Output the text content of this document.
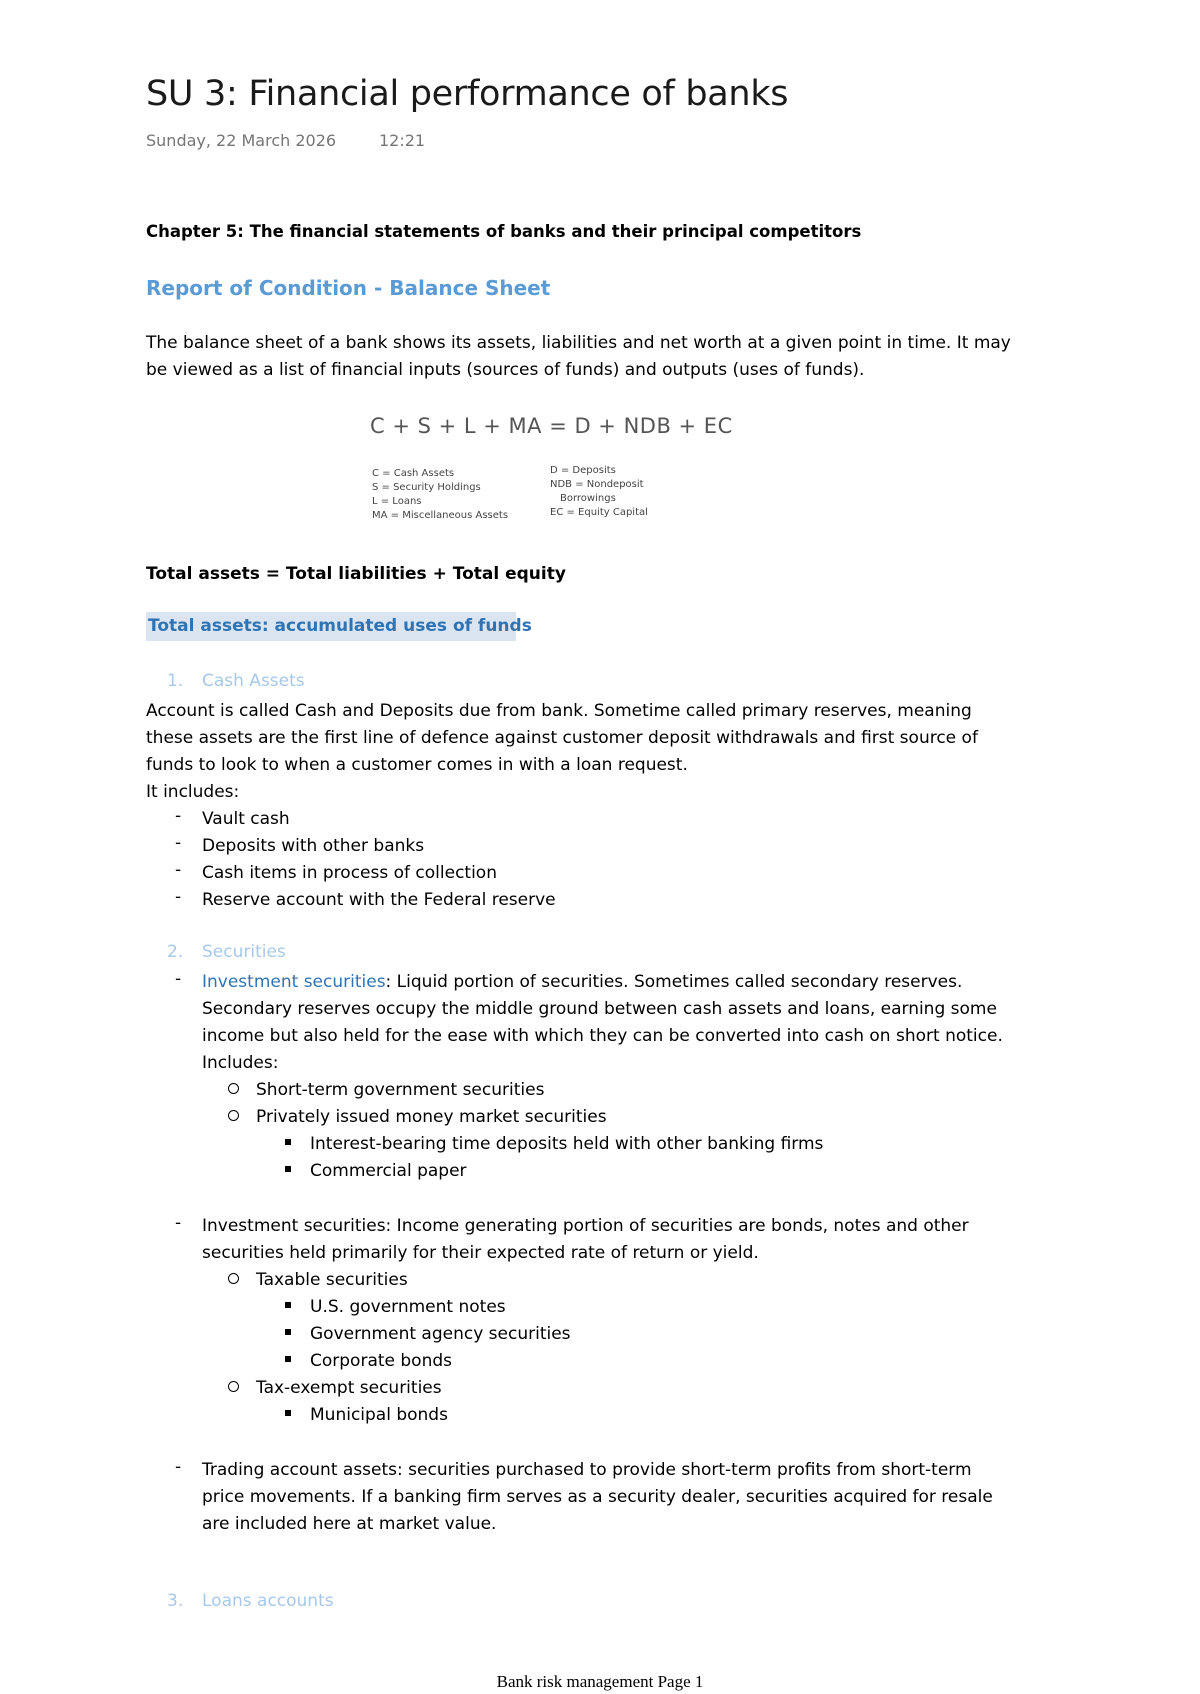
SU 3: Financial performance of banks
Sunday, 22 March 2026	12:21
Chapter 5: The financial statements of banks and their principal competitors
Report of Condition - Balance Sheet
The balance sheet of a bank shows its assets, liabilities and net worth at a given point in time. It may
be viewed as a list of financial inputs (sources of funds) and outputs (uses of funds).
C + S + L + MA = D + NDB + EC
C = Cash Assets
S = Security Holdings
L = Loans
MA = Miscellaneous Assets
D = Deposits
NDB = Nondeposit
Borrowings
EC = Equity Capital
Total assets = Total liabilities + Total equity
Total assets: accumulated uses of funds
1. Cash Assets
Account is called Cash and Deposits due from bank. Sometime called primary reserves, meaning
these assets are the first line of defence against customer deposit withdrawals and first source of
funds to look to when a customer comes in with a loan request.
It includes:
- Vault cash
- Deposits with other banks
- Cash items in process of collection
- Reserve account with the Federal reserve
2. Securities
- Investment securities: Liquid portion of securities. Sometimes called secondary reserves.
Secondary reserves occupy the middle ground between cash assets and loans, earning some
income but also held for the ease with which they can be converted into cash on short notice.
Includes:
Short-term government securities
Privately issued money market securities
Interest-bearing time deposits held with other banking firms
Commercial paper
- Investment securities: Income generating portion of securities are bonds, notes and other
securities held primarily for their expected rate of return or yield.
Taxable securities
U.S. government notes
Government agency securities
Corporate bonds
Tax-exempt securities
Municipal bonds
- Trading account assets: securities purchased to provide short-term profits from short-term
price movements. If a banking firm serves as a security dealer, securities acquired for resale
are included here at market value.
3. Loans accounts
Bank risk management Page 1
